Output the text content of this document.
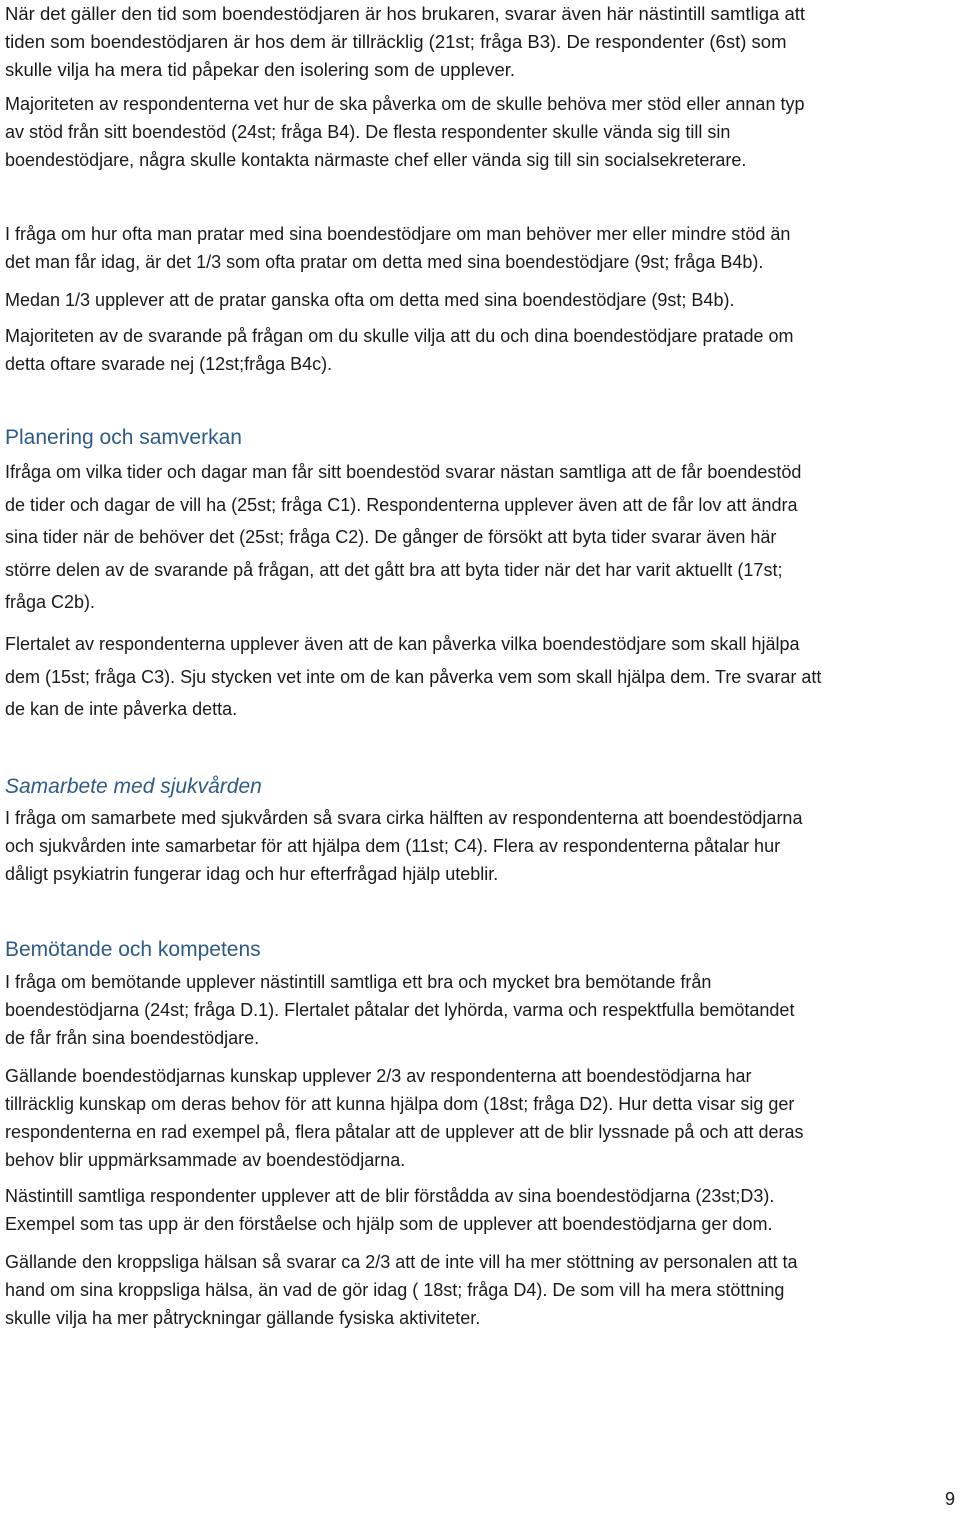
När det gäller den tid som boendestödjaren är hos brukaren, svarar även här nästintill samtliga att
tiden som boendestödjaren är hos dem är tillräcklig (21st; fråga B3). De respondenter (6st) som
skulle vilja ha mera tid påpekar den isolering som de upplever.

Majoriteten av respondenterna vet hur de ska påverka om de skulle behöva mer stöd eller annan typ
av stöd från sitt boendestöd (24st; fråga B4). De flesta respondenter skulle vända sig till sin
boendestödjare, några skulle kontakta närmaste chef eller vända sig till sin socialsekreterare.

I fråga om hur ofta man pratar med sina boendestödjare om man behöver mer eller mindre stöd än
det man får idag, är det 1/3 som ofta pratar om detta med sina boendestödjare (9st; fråga B4b).

Medan 1/3 upplever att de pratar ganska ofta om detta med sina boendestödjare (9st; B4b).

Majoriteten av de svarande på frågan om du skulle vilja att du och dina boendestödjare pratade om
detta oftare svarade nej (12st;fråga B4c).

Planering och samverkan

Ifråga om vilka tider och dagar man får sitt boendestöd svarar nästan samtliga att de får boendestöd
de tider och dagar de vill ha (25st; fråga C1). Respondenterna upplever även att de får lov att ändra
sina tider när de behöver det (25st; fråga C2). De gånger de försökt att byta tider svarar även här
större delen av de svarande på frågan, att det gått bra att byta tider när det har varit aktuellt (17st;
fråga C2b).

Flertalet av respondenterna upplever även att de kan påverka vilka boendestödjare som skall hjälpa
dem (15st; fråga C3). Sju stycken vet inte om de kan påverka vem som skall hjälpa dem. Tre svarar att
de kan de inte påverka detta.

Samarbete med sjukvården

I fråga om samarbete med sjukvården så svara cirka hälften av respondenterna att boendestödjarna
och sjukvården inte samarbetar för att hjälpa dem (11st; C4). Flera av respondenterna påtalar hur
dåligt psykiatrin fungerar idag och hur efterfrågad hjälp uteblir.

Bemötande och kompetens

I fråga om bemötande upplever nästintill samtliga ett bra och mycket bra bemötande från
boendestödjarna (24st; fråga D.1). Flertalet påtalar det lyhörda, varma och respektfulla bemötandet
de får från sina boendestödjare.

Gällande boendestödjarnas kunskap upplever 2/3 av respondenterna att boendestödjarna har
tillräcklig kunskap om deras behov för att kunna hjälpa dom (18st; fråga D2). Hur detta visar sig ger
respondenterna en rad exempel på, flera påtalar att de upplever att de blir lyssnade på och att deras
behov blir uppmärksammade av boendestödjarna.

Nästintill samtliga respondenter upplever att de blir förstådda av sina boendestödjarna (23st;D3).
Exempel som tas upp är den förståelse och hjälp som de upplever att boendestödjarna ger dom.

Gällande den kroppsliga hälsan så svarar ca 2/3 att de inte vill ha mer stöttning av personalen att ta
hand om sina kroppsliga hälsa, än vad de gör idag ( 18st; fråga D4). De som vill ha mera stöttning
skulle vilja ha mer påtryckningar gällande fysiska aktiviteter.

9
